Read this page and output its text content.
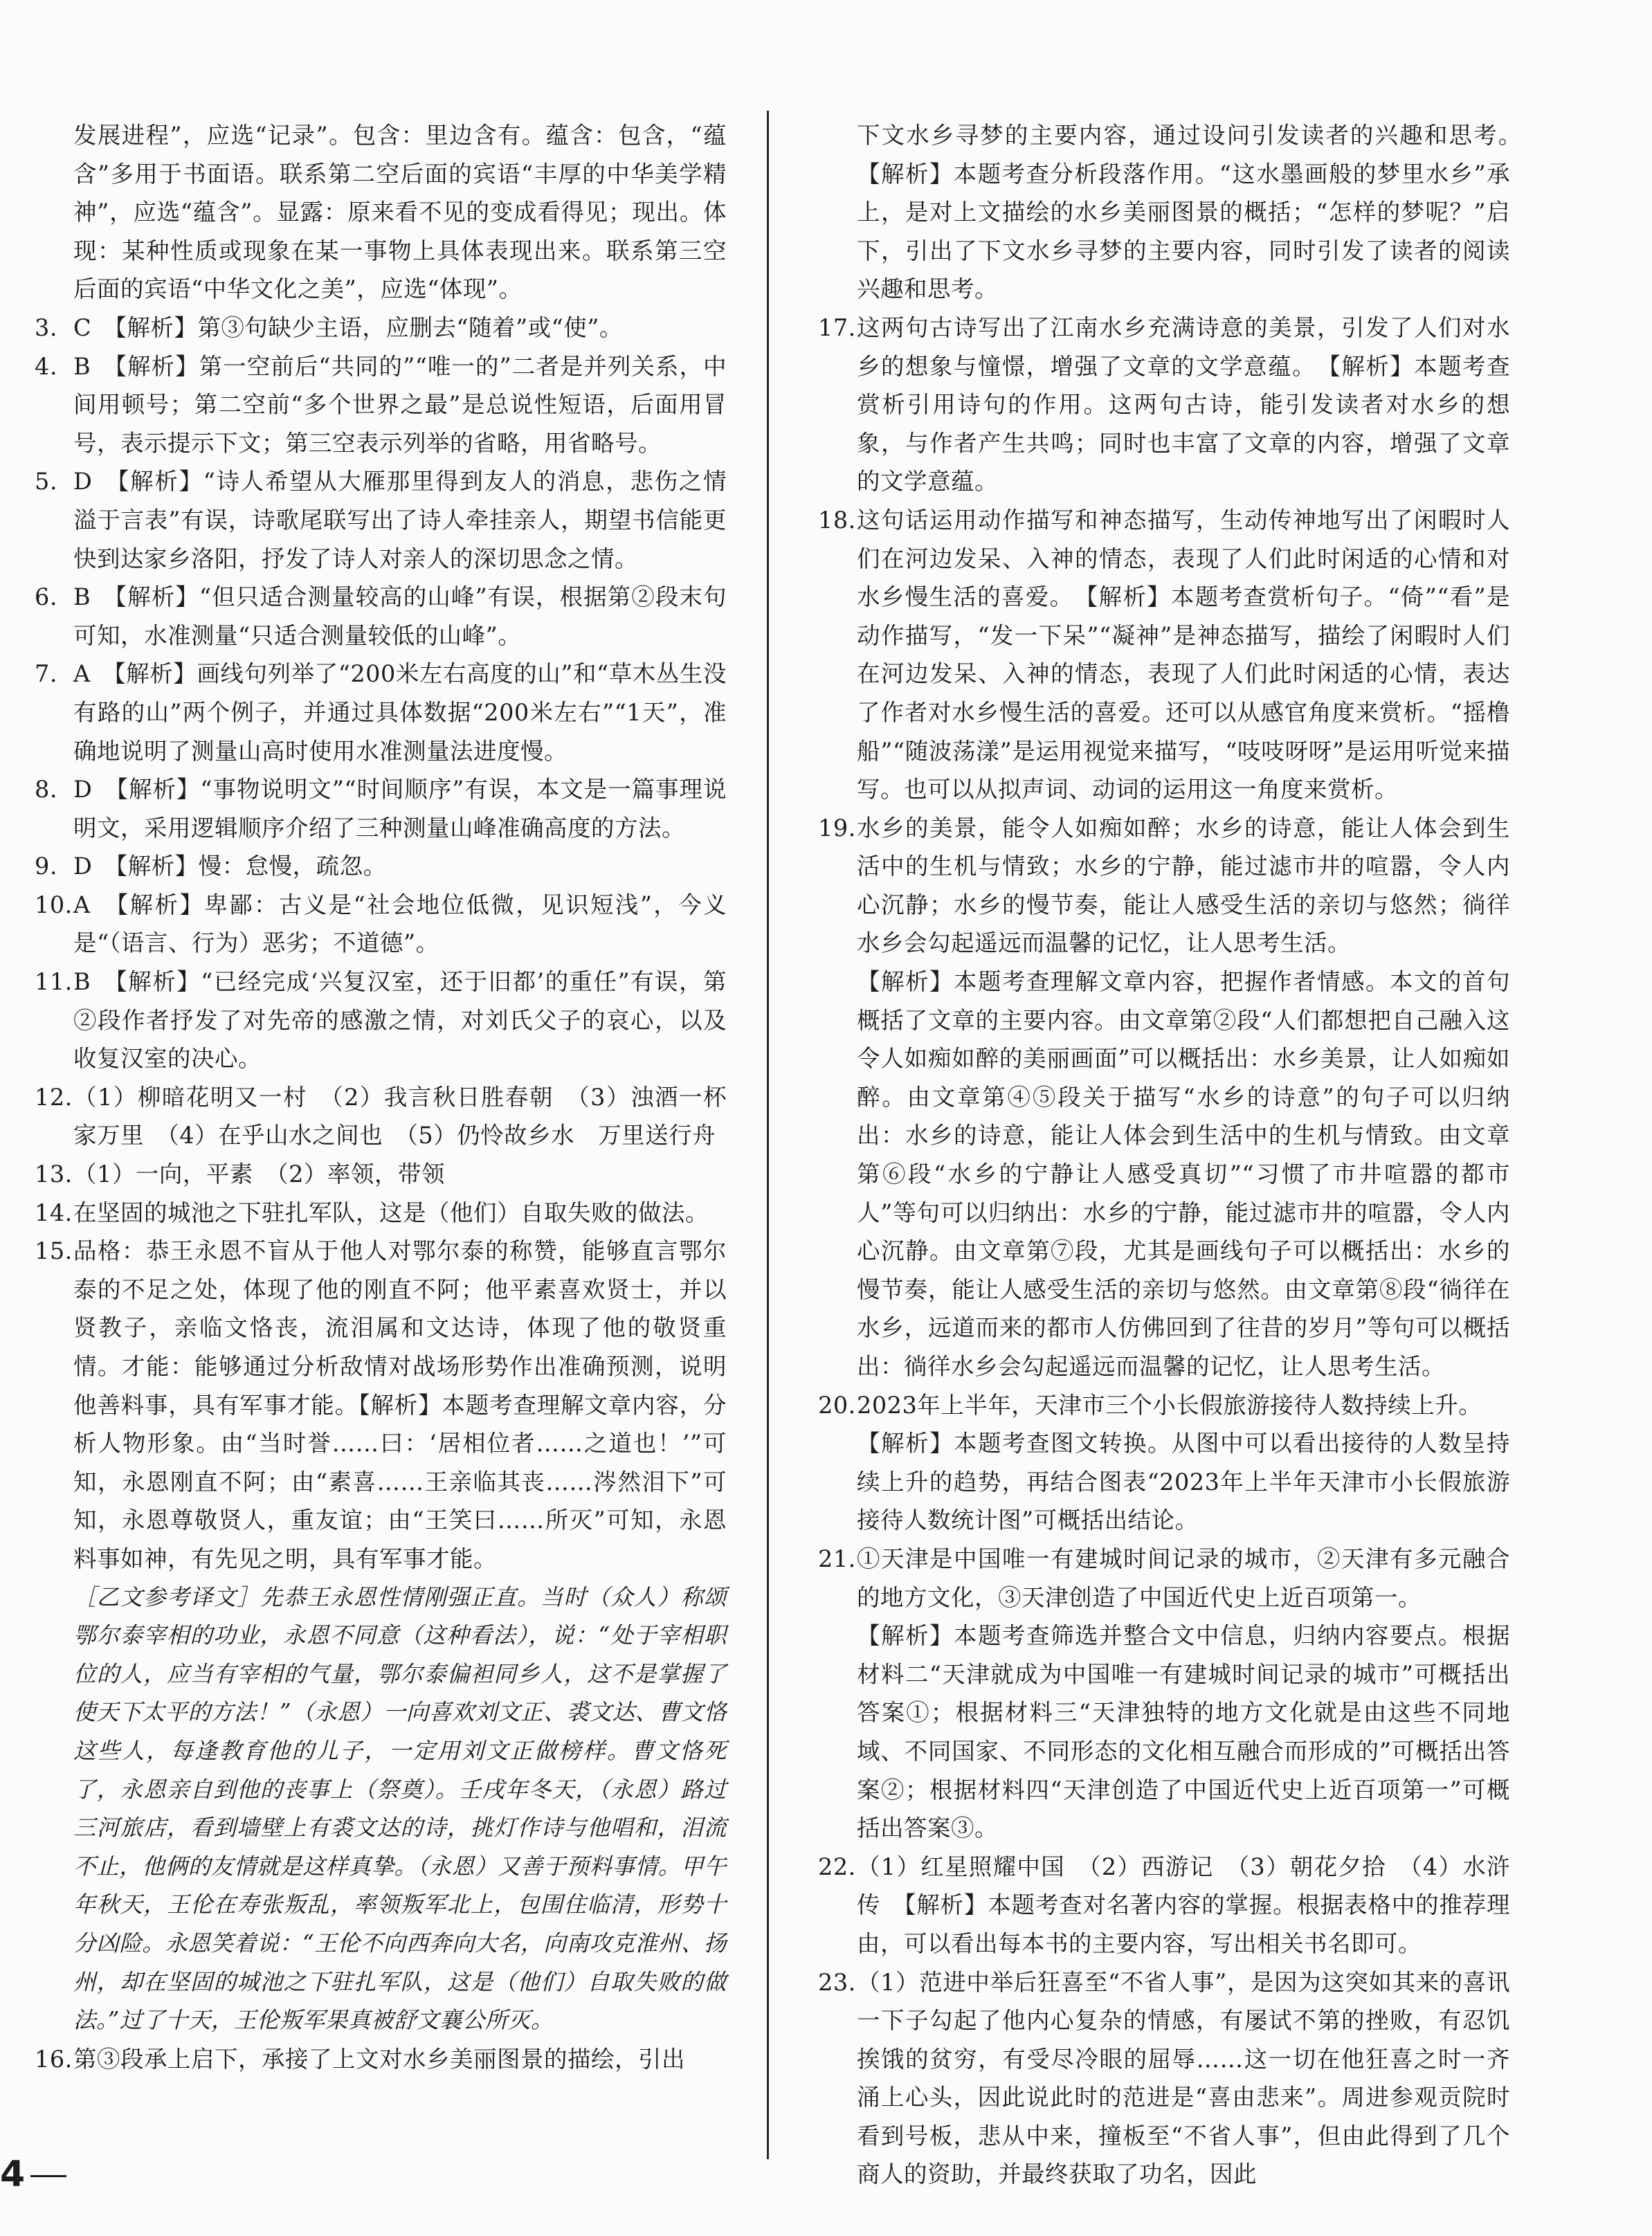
发展进程”，应选“记录”。包含：里边含有。蕴含：包含，“蕴含”多用于书面语。联系第二空后面的宾语“丰厚的中华美学精神”，应选“蕴含”。显露：原来看不见的变成看得见；现出。体现：某种性质或现象在某一事物上具体表现出来。联系第三空后面的宾语“中华文化之美”，应选“体现”。
3. C　【解析】第③句缺少主语，应删去“随着”或“使”。
4. B　【解析】第一空前后“共同的”“唯一的”二者是并列关系，中间用顿号；第二空前“多个世界之最”是总说性短语，后面用冒号，表示提示下文；第三空表示列举的省略，用省略号。
5. D　【解析】“诗人希望从大雁那里得到友人的消息，悲伤之情溢于言表”有误，诗歌尾联写出了诗人牵挂亲人，期望书信能更快到达家乡洛阳，抒发了诗人对亲人的深切思念之情。
6. B　【解析】“但只适合测量较高的山峰”有误，根据第②段末句可知，水准测量“只适合测量较低的山峰”。
7. A　【解析】画线句列举了“200米左右高度的山”和“草木丛生没有路的山”两个例子，并通过具体数据“200米左右”“1天”，准确地说明了测量山高时使用水准测量法进度慢。
8. D　【解析】“事物说明文”“时间顺序”有误，本文是一篇事理说明文，采用逻辑顺序介绍了三种测量山峰准确高度的方法。
9. D　【解析】慢：怠慢，疏忽。
10. A　【解析】卑鄙：古义是“社会地位低微，见识短浅”，今义是“（语言、行为）恶劣；不道德”。
11. B　【解析】“已经完成‘兴复汉室，还于旧都’的重任”有误，第②段作者抒发了对先帝的感激之情，对刘氏父子的哀心，以及收复汉室的决心。
12. （1）柳暗花明又一村　（2）我言秋日胜春朝　（3）浊酒一杯家万里　（4）在乎山水之间也　（5）仍怜故乡水　万里送行舟
13. （1）一向，平素　（2）率领，带领
14. 在坚固的城池之下驻扎军队，这是（他们）自取失败的做法。
15. 品格：恭王永恩不盲从于他人对鄂尔泰的称赞，能够直言鄂尔泰的不足之处，体现了他的刚直不阿；他平素喜欢贤士，并以贤教子，亲临文恪丧，流泪属和文达诗，体现了他的敬贤重情。才能：能够通过分析敌情对战场形势作出准确预测，说明他善料事，具有军事才能。【解析】本题考查理解文章内容，分析人物形象。由“当时誉……曰：‘居相位者……之道也！’”可知，永恩刚直不阿；由“素喜……王亲临其丧……涔然泪下”可知，永恩尊敬贤人，重友谊；由“王笑曰……所灭”可知，永恩料事如神，有先见之明，具有军事才能。
［乙文参考译文］先恭王永恩性情刚强正直。当时（众人）称颂鄂尔泰宰相的功业，永恩不同意（这种看法），说：“处于宰相职位的人，应当有宰相的气量，鄂尔泰偏袒同乡人，这不是掌握了使天下太平的方法！”（永恩）一向喜欢刘文正、裘文达、曹文恪这些人，每逢教育他的儿子，一定用刘文正做榜样。曹文恪死了，永恩亲自到他的丧事上（祭奠）。壬戌年冬天，（永恩）路过三河旅店，看到墙壁上有裘文达的诗，挑灯作诗与他唱和，泪流不止，他俩的友情就是这样真挚。（永恩）又善于预料事情。甲午年秋天，王伦在寿张叛乱，率领叛军北上，包围住临清，形势十分凶险。永恩笑着说：“王伦不向西奔向大名，向南攻克淮州、扬州，却在坚固的城池之下驻扎军队，这是（他们）自取失败的做法。”过了十天，王伦叛军果真被舒文襄公所灭。
16. 第③段承上启下，承接了上文对水乡美丽图景的描绘，引出
下文水乡寻梦的主要内容，通过设问引发读者的兴趣和思考。　【解析】本题考查分析段落作用。“这水墨画般的梦里水乡”承上，是对上文描绘的水乡美丽图景的概括；“怎样的梦呢？”启下，引出了下文水乡寻梦的主要内容，同时引发了读者的阅读兴趣和思考。
17. 这两句古诗写出了江南水乡充满诗意的美景，引发了人们对水乡的想象与憧憬，增强了文章的文学意蕴。　【解析】本题考查赏析引用诗句的作用。这两句古诗，能引发读者对水乡的想象，与作者产生共鸣；同时也丰富了文章的内容，增强了文章的文学意蕴。
18. 这句话运用动作描写和神态描写，生动传神地写出了闲暇时人们在河边发呆、入神的情态，表现了人们此时闲适的心情和对水乡慢生活的喜爱。　【解析】本题考查赏析句子。“倚”“看”是动作描写，“发一下呆”“凝神”是神态描写，描绘了闲暇时人们在河边发呆、入神的情态，表现了人们此时闲适的心情，表达了作者对水乡慢生活的喜爱。还可以从感官角度来赏析。“摇橹船”“随波荡漾”是运用视觉来描写，“吱吱呀呀”是运用听觉来描写。也可以从拟声词、动词的运用这一角度来赏析。
19. 水乡的美景，能令人如痴如醉；水乡的诗意，能让人体会到生活中的生机与情致；水乡的宁静，能过滤市井的喧嚣，令人内心沉静；水乡的慢节奏，能让人感受生活的亲切与悠然；徜徉水乡会勾起遥远而温馨的记忆，让人思考生活。
【解析】本题考查理解文章内容，把握作者情感。本文的首句概括了文章的主要内容。由文章第②段“人们都想把自己融入这令人如痴如醉的美丽画面”可以概括出：水乡美景，让人如痴如醉。由文章第④⑤段关于描写“水乡的诗意”的句子可以归纳出：水乡的诗意，能让人体会到生活中的生机与情致。由文章第⑥段“水乡的宁静让人感受真切”“习惯了市井喧嚣的都市人”等句可以归纳出：水乡的宁静，能过滤市井的喧嚣，令人内心沉静。由文章第⑦段，尤其是画线句子可以概括出：水乡的慢节奏，能让人感受生活的亲切与悠然。由文章第⑧段“徜徉在水乡，远道而来的都市人仿佛回到了往昔的岁月”等句可以概括出：徜徉水乡会勾起遥远而温馨的记忆，让人思考生活。
20. 2023年上半年，天津市三个小长假旅游接待人数持续上升。
【解析】本题考查图文转换。从图中可以看出接待的人数呈持续上升的趋势，再结合图表“2023年上半年天津市小长假旅游接待人数统计图”可概括出结论。
21. ①天津是中国唯一有建城时间记录的城市，②天津有多元融合的地方文化，③天津创造了中国近代史上近百项第一。
【解析】本题考查筛选并整合文中信息，归纳内容要点。根据材料二“天津就成为中国唯一有建城时间记录的城市”可概括出答案①；根据材料三“天津独特的地方文化就是由这些不同地域、不同国家、不同形态的文化相互融合而形成的”可概括出答案②；根据材料四“天津创造了中国近代史上近百项第一”可概括出答案③。
22. （1）红星照耀中国　（2）西游记　（3）朝花夕拾　（4）水浒传　【解析】本题考查对名著内容的掌握。根据表格中的推荐理由，可以看出每本书的主要内容，写出相关书名即可。
23. （1）范进中举后狂喜至“不省人事”，是因为这突如其来的喜讯一下子勾起了他内心复杂的情感，有屡试不第的挫败，有忍饥挨饿的贫穷，有受尽冷眼的屈辱……这一切在他狂喜之时一齐涌上心头，因此说此时的范进是“喜由悲来”。周进参观贡院时看到号板，悲从中来，撞板至“不省人事”，但由此得到了几个商人的资助，并最终获取了功名，因此
4
